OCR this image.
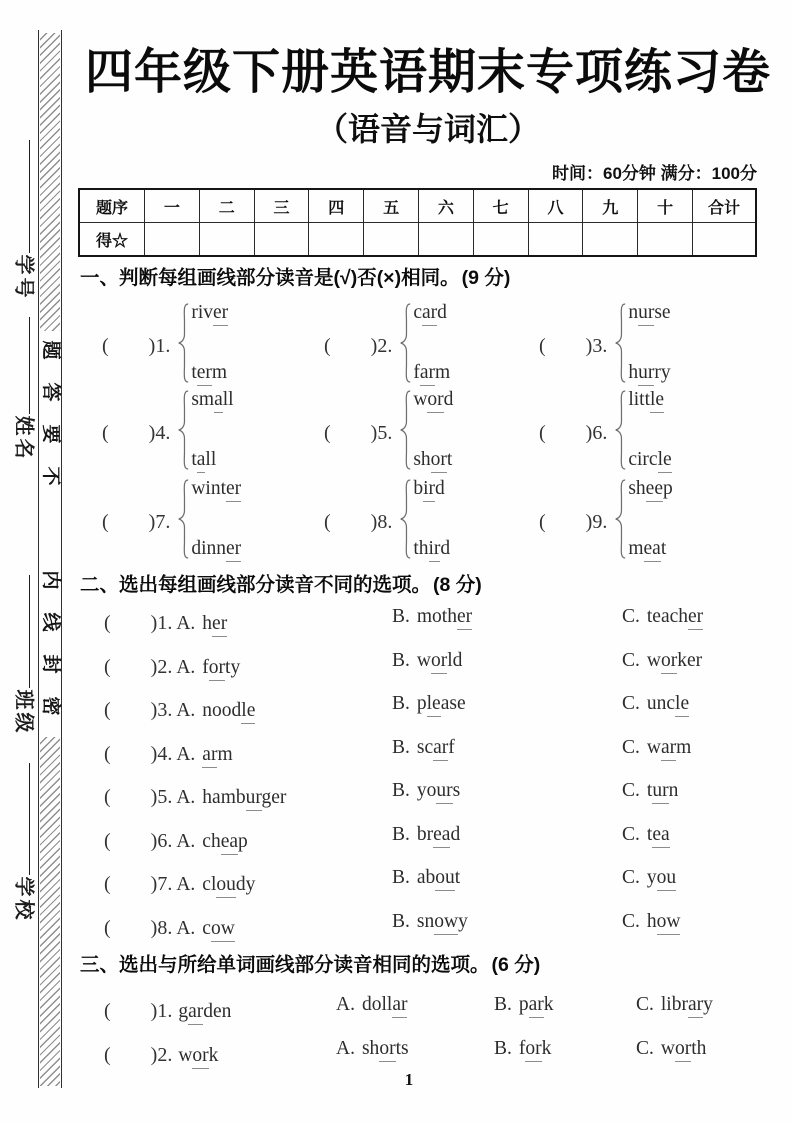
题
答
要
不
内
线
封
密
学
号
姓
名
班
级
学
校
四年级下册英语期末专项练习卷
（语音与词汇）
时间：60分钟 满分：100分
题序	一	二	三	四	五	六	七	八	九	十	合计
得☆											
一、判断每组画线部分读音是(√)否(×)相同。 (9 分)
(　　)1.
river
term
(　　)2.
card
farm
(　　)3.
nurse
hurry
(　　)4.
small
tall
(　　)5.
word
short
(　　)6.
little
circle
(　　)7.
winter
dinner
(　　)8.
bird
third
(　　)9.
sheep
meat
二、选出每组画线部分读音不同的选项。 (8 分)
(　　)1. A. her	B. mother	C. teacher
(　　)2. A. forty	B. world	C. worker
(　　)3. A. noodle	B. please	C. uncle
(　　)4. A. arm	B. scarf	C. warm
(　　)5. A. hamburger	B. yours	C. turn
(　　)6. A. cheap	B. bread	C. tea
(　　)7. A. cloudy	B. about	C. you
(　　)8. A. cow	B. snowy	C. how
三、选出与所给单词画线部分读音相同的选项。 (6 分)
(　　)1. garden	A. dollar	B. park	C. library
(　　)2. work	A. shorts	B. fork	C. worth
1
